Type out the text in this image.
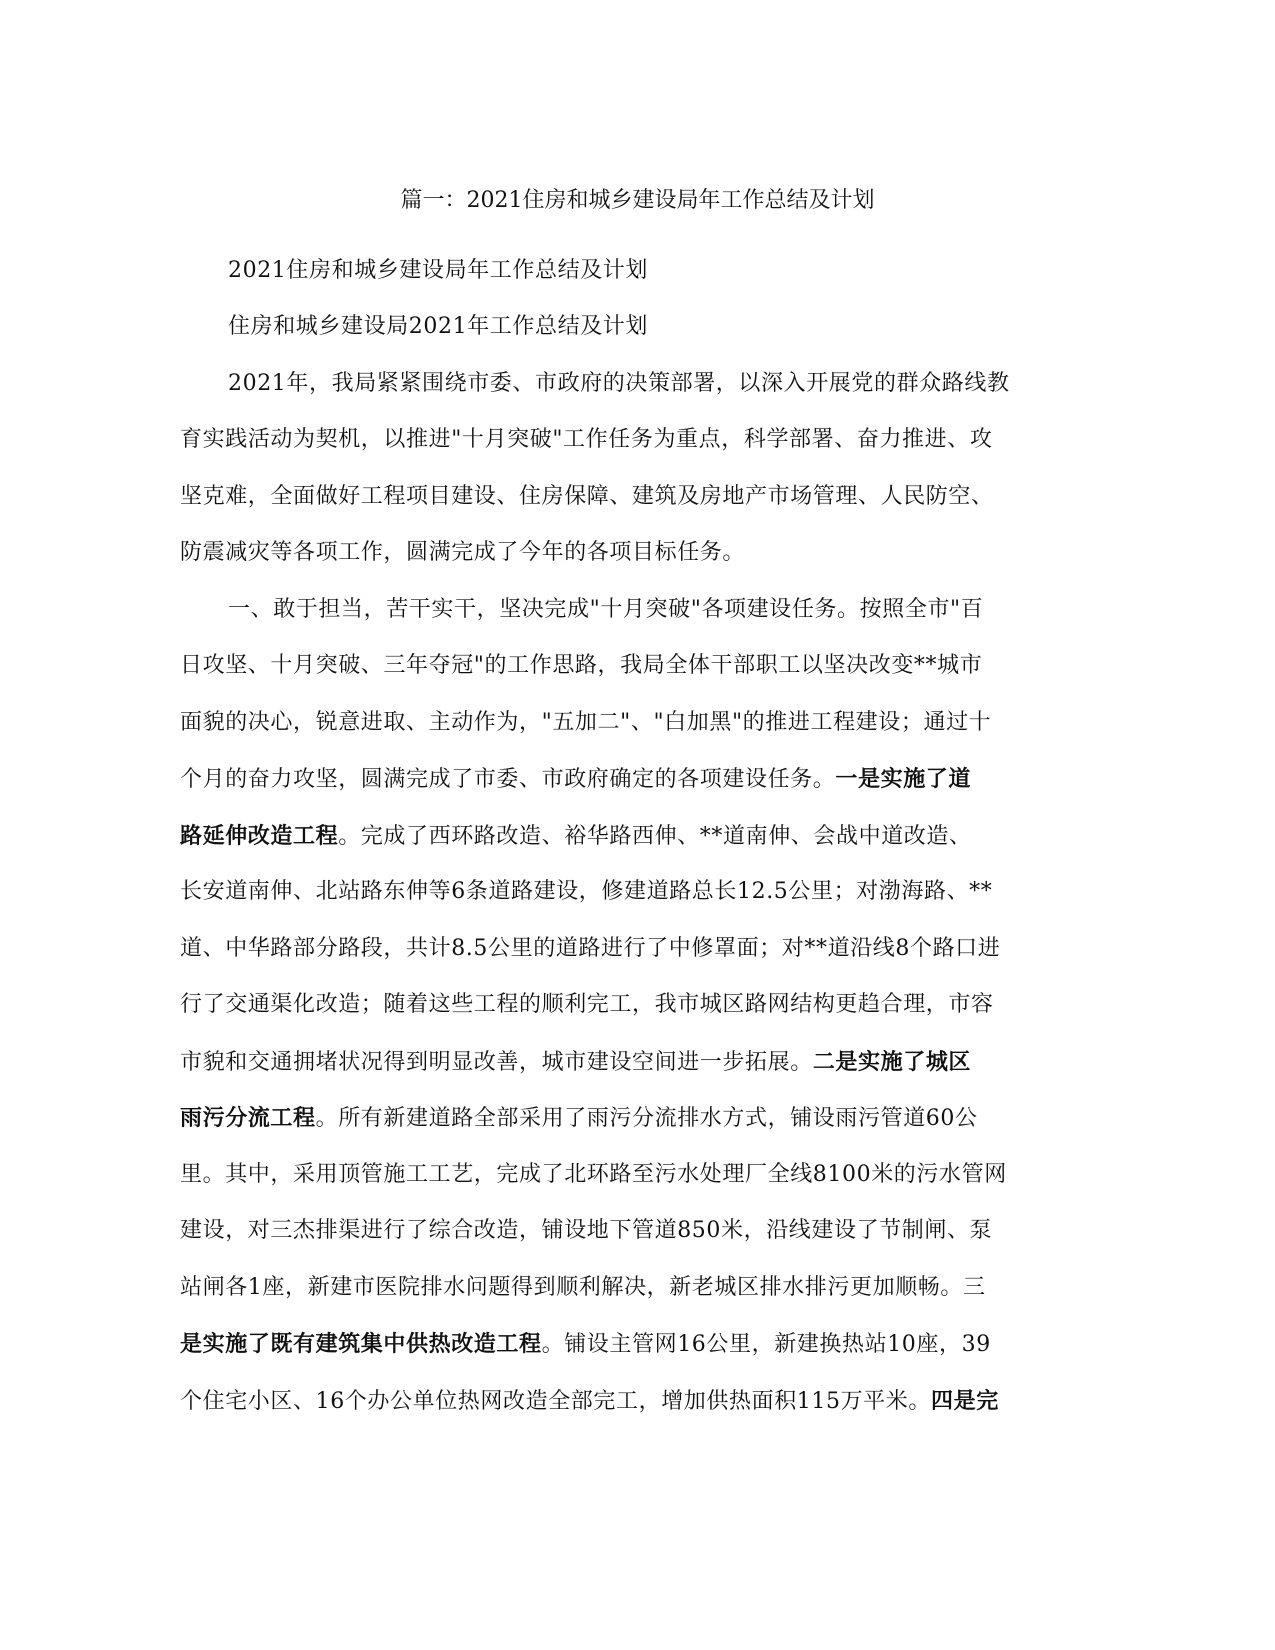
篇一：2021住房和城乡建设局年工作总结及计划
2021住房和城乡建设局年工作总结及计划
住房和城乡建设局2021年工作总结及计划
2021年，我局紧紧围绕市委、市政府的决策部署，以深入开展党的群众路线教
育实践活动为契机，以推进"十月突破"工作任务为重点，科学部署、奋力推进、攻
坚克难，全面做好工程项目建设、住房保障、建筑及房地产市场管理、人民防空、
防震减灾等各项工作，圆满完成了今年的各项目标任务。
一、敢于担当，苦干实干，坚决完成"十月突破"各项建设任务。按照全市"百
日攻坚、十月突破、三年夺冠"的工作思路，我局全体干部职工以坚决改变**城市
面貌的决心，锐意进取、主动作为，"五加二"、"白加黑"的推进工程建设；通过十
个月的奋力攻坚，圆满完成了市委、市政府确定的各项建设任务。一是实施了道
路延伸改造工程。完成了西环路改造、裕华路西伸、**道南伸、会战中道改造、
长安道南伸、北站路东伸等6条道路建设，修建道路总长12.5公里；对渤海路、**
道、中华路部分路段，共计8.5公里的道路进行了中修罩面；对**道沿线8个路口进
行了交通渠化改造；随着这些工程的顺利完工，我市城区路网结构更趋合理，市容
市貌和交通拥堵状况得到明显改善，城市建设空间进一步拓展。二是实施了城区
雨污分流工程。所有新建道路全部采用了雨污分流排水方式，铺设雨污管道60公
里。其中，采用顶管施工工艺，完成了北环路至污水处理厂全线8100米的污水管网
建设，对三杰排渠进行了综合改造，铺设地下管道850米，沿线建设了节制闸、泵
站闸各1座，新建市医院排水问题得到顺利解决，新老城区排水排污更加顺畅。三
是实施了既有建筑集中供热改造工程。铺设主管网16公里，新建换热站10座，39
个住宅小区、16个办公单位热网改造全部完工，增加供热面积115万平米。四是完
